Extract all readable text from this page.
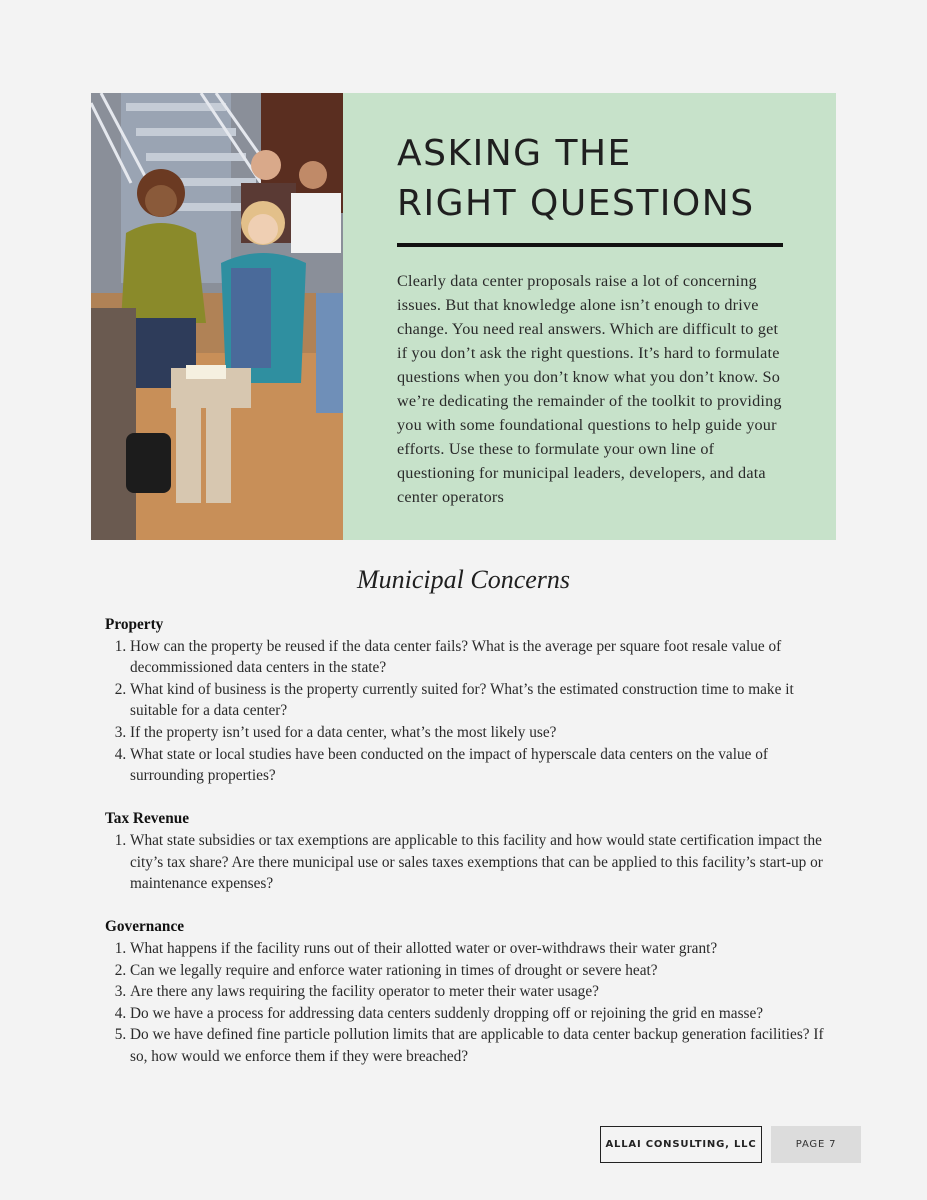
ASKING THE
RIGHT QUESTIONS

Clearly data center proposals raise a lot of concerning issues. But that knowledge alone isn’t enough to drive change. You need real answers. Which are difficult to get if you don’t ask the right questions. It’s hard to formulate questions when you don’t know what you don’t know. So we’re dedicating the remainder of the toolkit to providing you with some foundational questions to help guide your efforts. Use these to formulate your own line of questioning for municipal leaders, developers, and data center operators

Municipal Concerns

Property

1. How can the property be reused if the data center fails? What is the average per square foot resale value of decommissioned data centers in the state?
2. What kind of business is the property currently suited for? What’s the estimated construction time to make it suitable for a data center?
3. If the property isn’t used for a data center, what’s the most likely use?
4. What state or local studies have been conducted on the impact of hyperscale data centers on the value of surrounding properties?

Tax Revenue

1. What state subsidies or tax exemptions are applicable to this facility and how would state certification impact the city’s tax share? Are there municipal use or sales taxes exemptions that can be applied to this facility’s start-up or maintenance expenses?

Governance

1. What happens if the facility runs out of their allotted water or over-withdraws their water grant?
2. Can we legally require and enforce water rationing in times of drought or severe heat?
3. Are there any laws requiring the facility operator to meter their water usage?
4. Do we have a process for addressing data centers suddenly dropping off or rejoining the grid en masse?
5. Do we have defined fine particle pollution limits that are applicable to data center backup generation facilities? If so, how would we enforce them if they were breached?
ALLAI CONSULTING, LLC	PAGE 7
